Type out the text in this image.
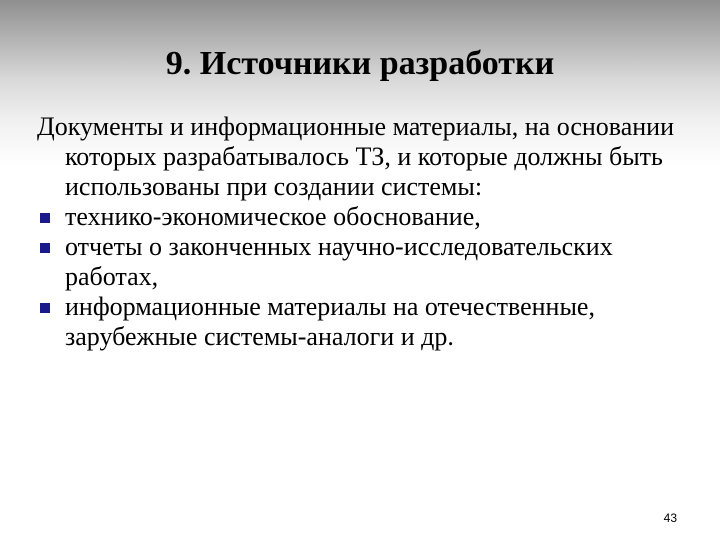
9. Источники разработки

Документы и информационные материалы, на основании которых разрабатывалось ТЗ, и которые должны быть использованы при создании системы:

технико-экономическое обоснование,
отчеты о законченных научно-исследовательских работах,
информационные материалы на отечественные, зарубежные системы-аналоги и др.
43
